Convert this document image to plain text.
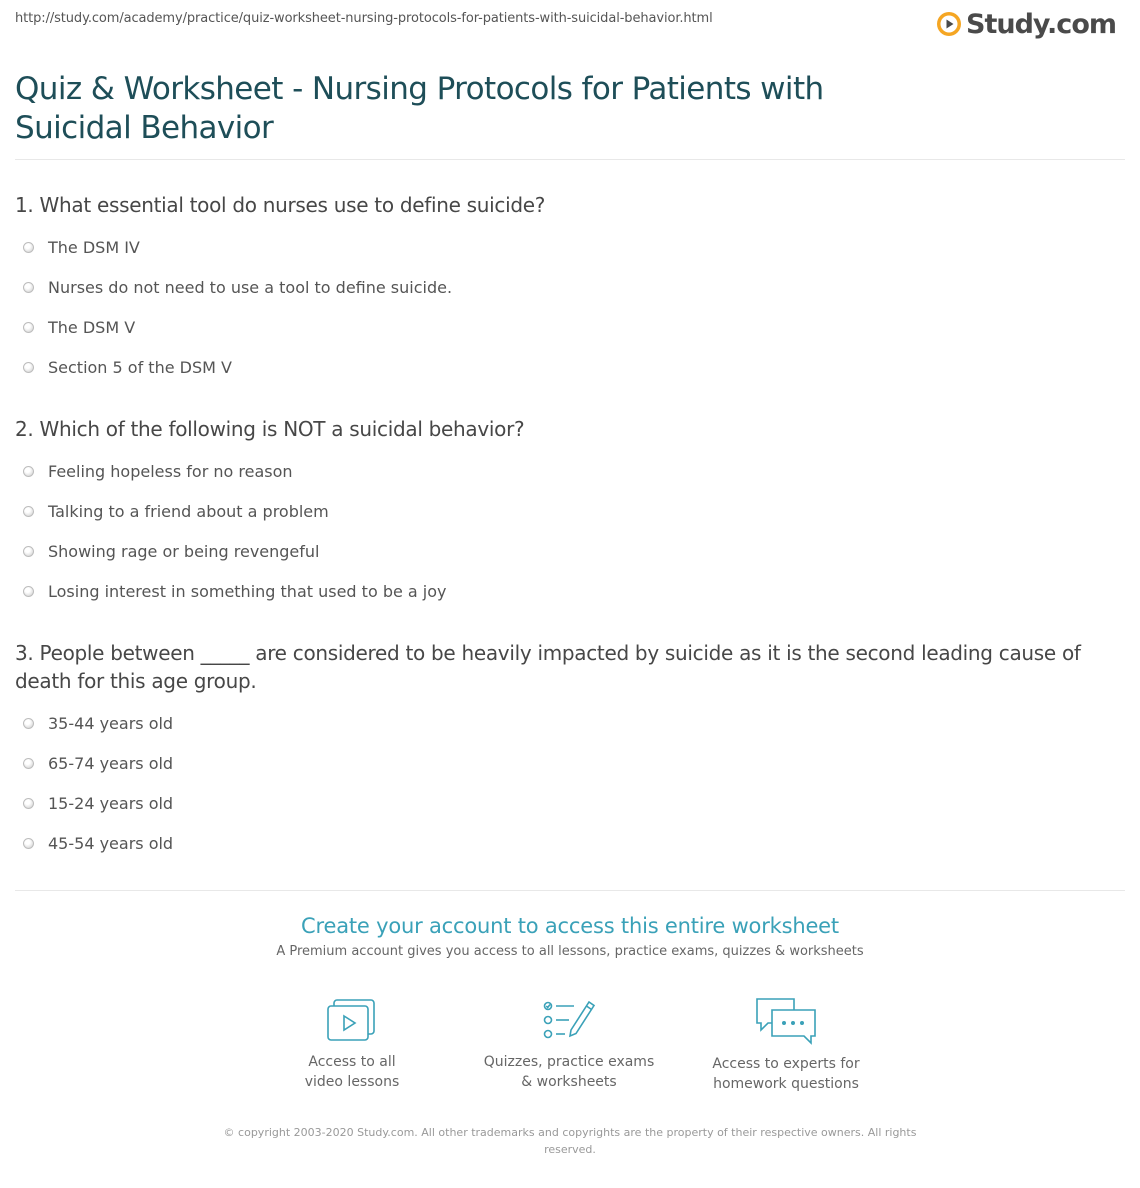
http://study.com/academy/practice/quiz-worksheet-nursing-protocols-for-patients-with-suicidal-behavior.html	Study.com
Quiz & Worksheet - Nursing Protocols for Patients with Suicidal Behavior
1. What essential tool do nurses use to define suicide?
The DSM IV
Nurses do not need to use a tool to define suicide.
The DSM V
Section 5 of the DSM V
2. Which of the following is NOT a suicidal behavior?
Feeling hopeless for no reason
Talking to a friend about a problem
Showing rage or being revengeful
Losing interest in something that used to be a joy
3. People between _____ are considered to be heavily impacted by suicide as it is the second leading cause of death for this age group.
35-44 years old
65-74 years old
15-24 years old
45-54 years old
Create your account to access this entire worksheet
A Premium account gives you access to all lessons, practice exams, quizzes & worksheets
Access to all
video lessons
Quizzes, practice exams
& worksheets
Access to experts for
homework questions
© copyright 2003-2020 Study.com. All other trademarks and copyrights are the property of their respective owners. All rights reserved.
